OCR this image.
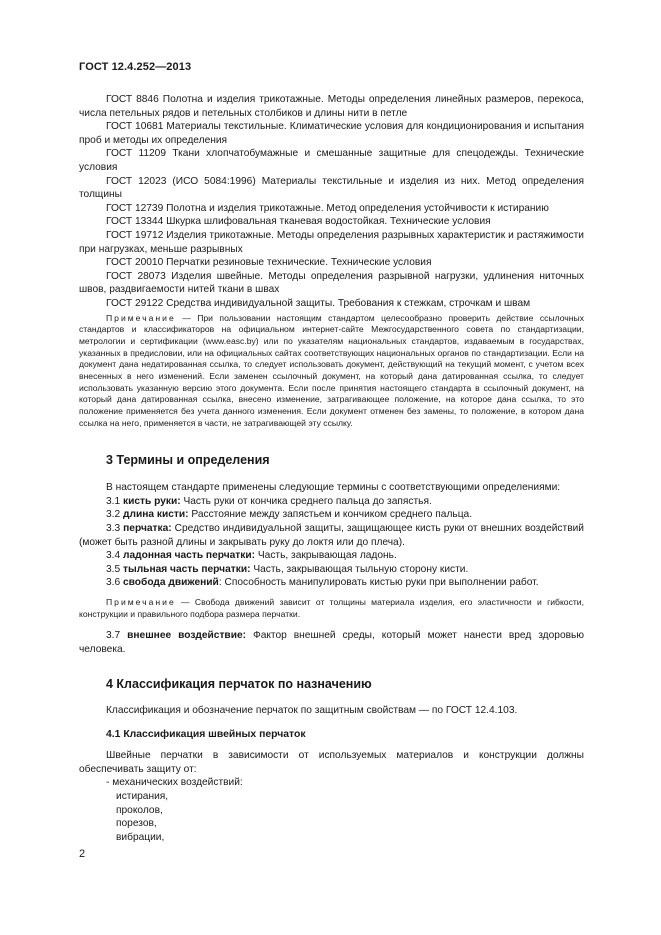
ГОСТ 12.4.252—2013

ГОСТ 8846 Полотна и изделия трикотажные. Методы определения линейных размеров, перекоса, числа петельных рядов и петельных столбиков и длины нити в петле

ГОСТ 10681 Материалы текстильные. Климатические условия для кондиционирования и испытания проб и методы их определения

ГОСТ 11209 Ткани хлопчатобумажные и смешанные защитные для спецодежды. Технические условия

ГОСТ 12023 (ИСО 5084:1996) Материалы текстильные и изделия из них. Метод определения толщины

ГОСТ 12739 Полотна и изделия трикотажные. Метод определения устойчивости к истиранию

ГОСТ 13344 Шкурка шлифовальная тканевая водостойкая. Технические условия

ГОСТ 19712 Изделия трикотажные. Методы определения разрывных характеристик и растяжимости при нагрузках, меньше разрывных

ГОСТ 20010 Перчатки резиновые технические. Технические условия

ГОСТ 28073 Изделия швейные. Методы определения разрывной нагрузки, удлинения ниточных швов, раздвигаемости нитей ткани в швах

ГОСТ 29122 Средства индивидуальной защиты. Требования к стежкам, строчкам и швам

Примечание — При пользовании настоящим стандартом целесообразно проверить действие ссылочных стандартов и классификаторов на официальном интернет-сайте Межгосударственного совета по стандартизации, метрологии и сертификации (www.easc.by) или по указателям национальных стандартов, издаваемым в государствах, указанных в предисловии, или на официальных сайтах соответствующих национальных органов по стандартизации. Если на документ дана недатированная ссылка, то следует использовать документ, действующий на текущий момент, с учетом всех внесенных в него изменений. Если заменен ссылочный документ, на который дана датированная ссылка, то следует использовать указанную версию этого документа. Если после принятия настоящего стандарта в ссылочный документ, на который дана датированная ссылка, внесено изменение, затрагивающее положение, на которое дана ссылка, то это положение применяется без учета данного изменения. Если документ отменен без замены, то положение, в котором дана ссылка на него, применяется в части, не затрагивающей эту ссылку.

3 Термины и определения

В настоящем стандарте применены следующие термины с соответствующими определениями:

3.1 кисть руки: Часть руки от кончика среднего пальца до запястья.

3.2 длина кисти: Расстояние между запястьем и кончиком среднего пальца.

3.3 перчатка: Средство индивидуальной защиты, защищающее кисть руки от внешних воздействий (может быть разной длины и закрывать руку до локтя или до плеча).

3.4 ладонная часть перчатки: Часть, закрывающая ладонь.

3.5 тыльная часть перчатки: Часть, закрывающая тыльную сторону кисти.

3.6 свобода движений: Способность манипулировать кистью руки при выполнении работ.

Примечание — Свобода движений зависит от толщины материала изделия, его эластичности и гибкости, конструкции и правильного подбора размера перчатки.

3.7 внешнее воздействие: Фактор внешней среды, который может нанести вред здоровью человека.

4 Классификация перчаток по назначению

Классификация и обозначение перчаток по защитным свойствам — по ГОСТ 12.4.103.

4.1 Классификация швейных перчаток

Швейные перчатки в зависимости от используемых материалов и конструкции должны обеспечивать защиту от:

- механических воздействий:

истирания,

проколов,

порезов,

вибрации,

2
